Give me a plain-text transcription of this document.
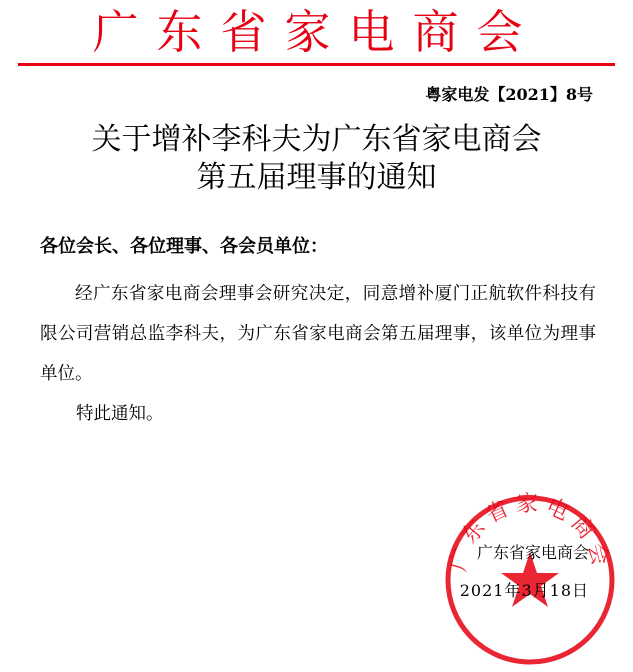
广东省家电商会
粤家电发【2021】8号
关于增补李科夫为广东省家电商会
第五届理事的通知
各位会长、各位理事、各会员单位：

经广东省家电商会理事会研究决定，同意增补厦门正航软件科技有限公司营销总监李科夫，为广东省家电商会第五届理事，该单位为理事单位。

特此通知。
广东省家电商会
广东省家电商会
2021年3月18日
